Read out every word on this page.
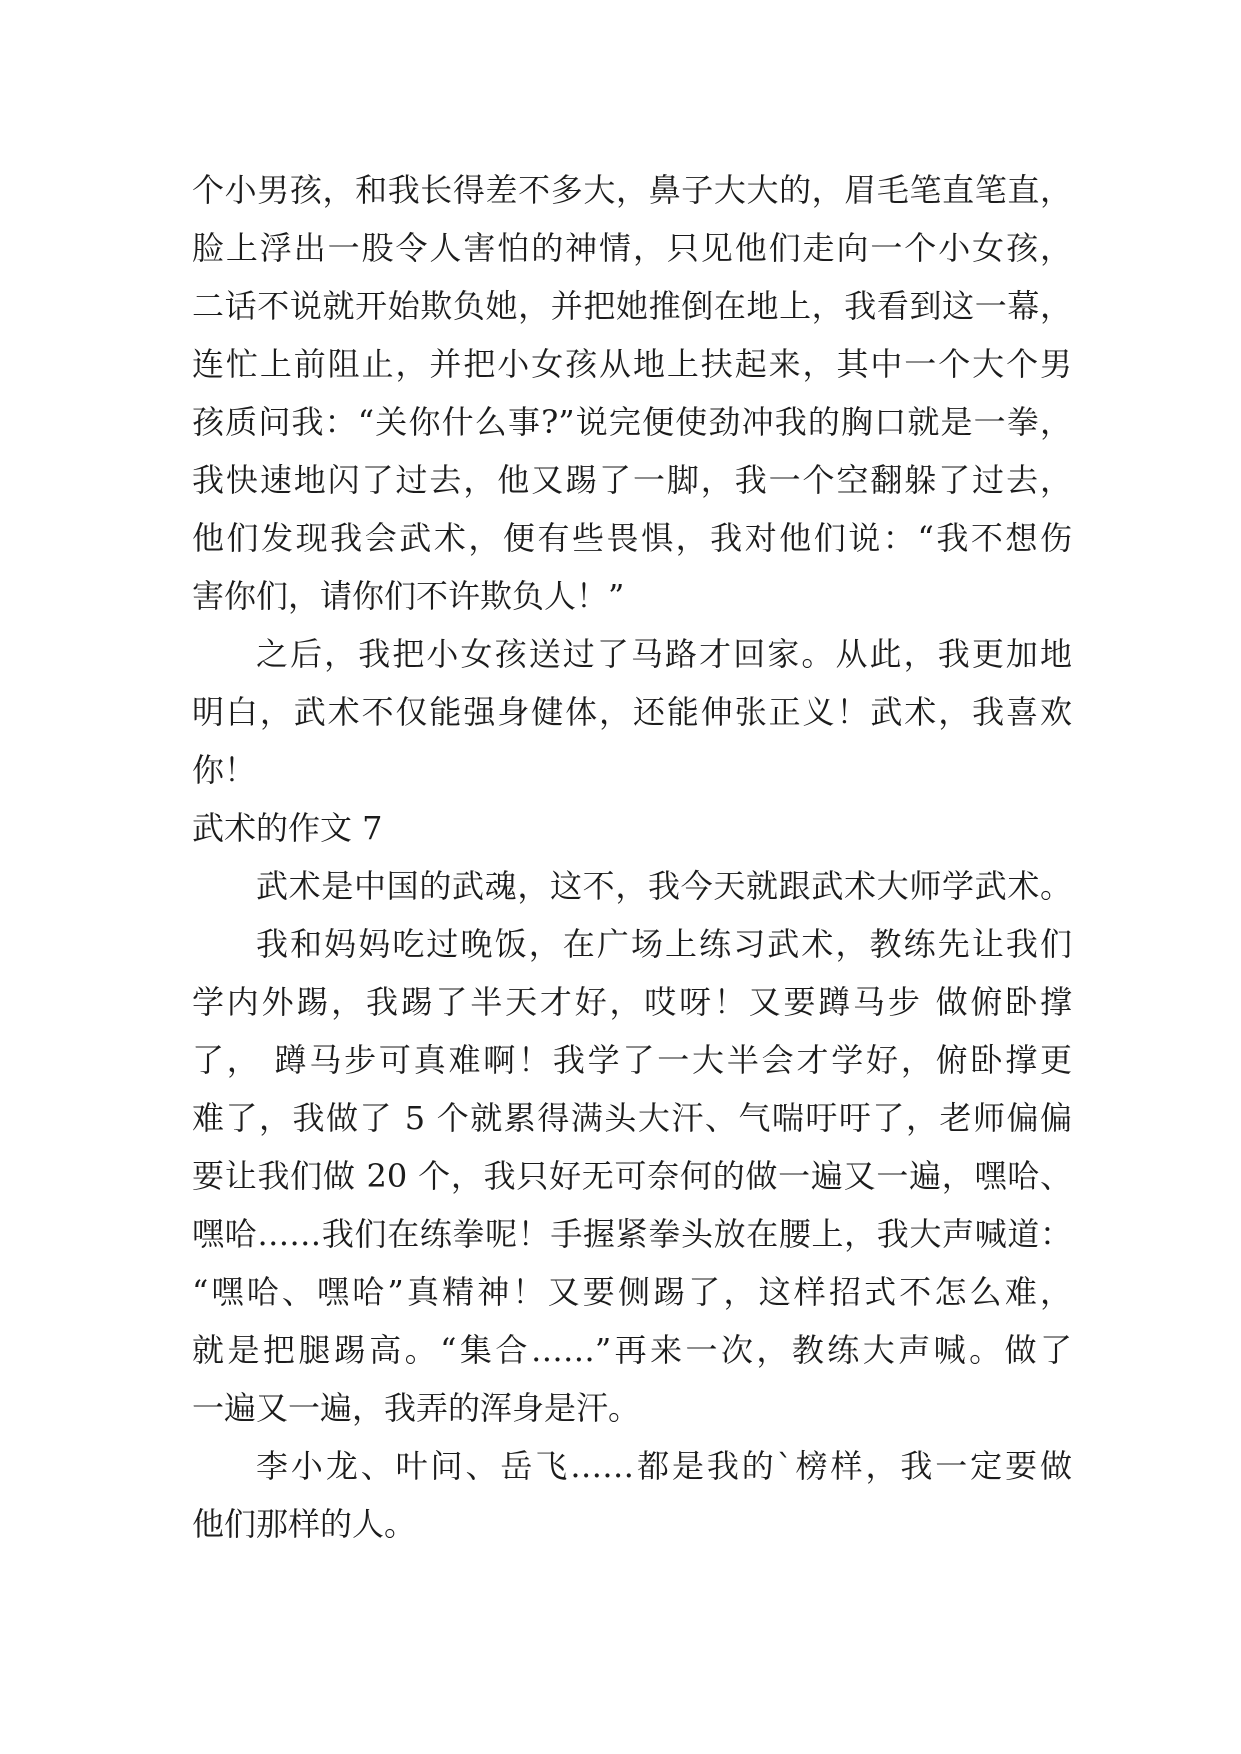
个小男孩，和我长得差不多大，鼻子大大的，眉毛笔直笔直，
脸上浮出一股令人害怕的神情，只见他们走向一个小女孩，
二话不说就开始欺负她，并把她推倒在地上，我看到这一幕，
连忙上前阻止，并把小女孩从地上扶起来，其中一个大个男
孩质问我：“关你什么事?”说完便使劲冲我的胸口就是一拳，
我快速地闪了过去，他又踢了一脚，我一个空翻躲了过去，
他们发现我会武术，便有些畏惧，我对他们说：“我不想伤
害你们，请你们不许欺负人！”
之后，我把小女孩送过了马路才回家。从此，我更加地
明白，武术不仅能强身健体，还能伸张正义！武术，我喜欢
你！
武术的作文 7
武术是中国的武魂，这不，我今天就跟武术大师学武术。
我和妈妈吃过晚饭，在广场上练习武术，教练先让我们
学内外踢，我踢了半天才好，哎呀！又要蹲马步 做俯卧撑
了， 蹲马步可真难啊！我学了一大半会才学好，俯卧撑更
难了，我做了 5 个就累得满头大汗、气喘吁吁了，老师偏偏
要让我们做 20 个，我只好无可奈何的做一遍又一遍，嘿哈、
嘿哈……我们在练拳呢！手握紧拳头放在腰上，我大声喊道：
“嘿哈、嘿哈”真精神！又要侧踢了，这样招式不怎么难，
就是把腿踢高。“集合……”再来一次，教练大声喊。做了
一遍又一遍，我弄的浑身是汗。
李小龙、叶问、岳飞……都是我的`榜样，我一定要做
他们那样的人。
